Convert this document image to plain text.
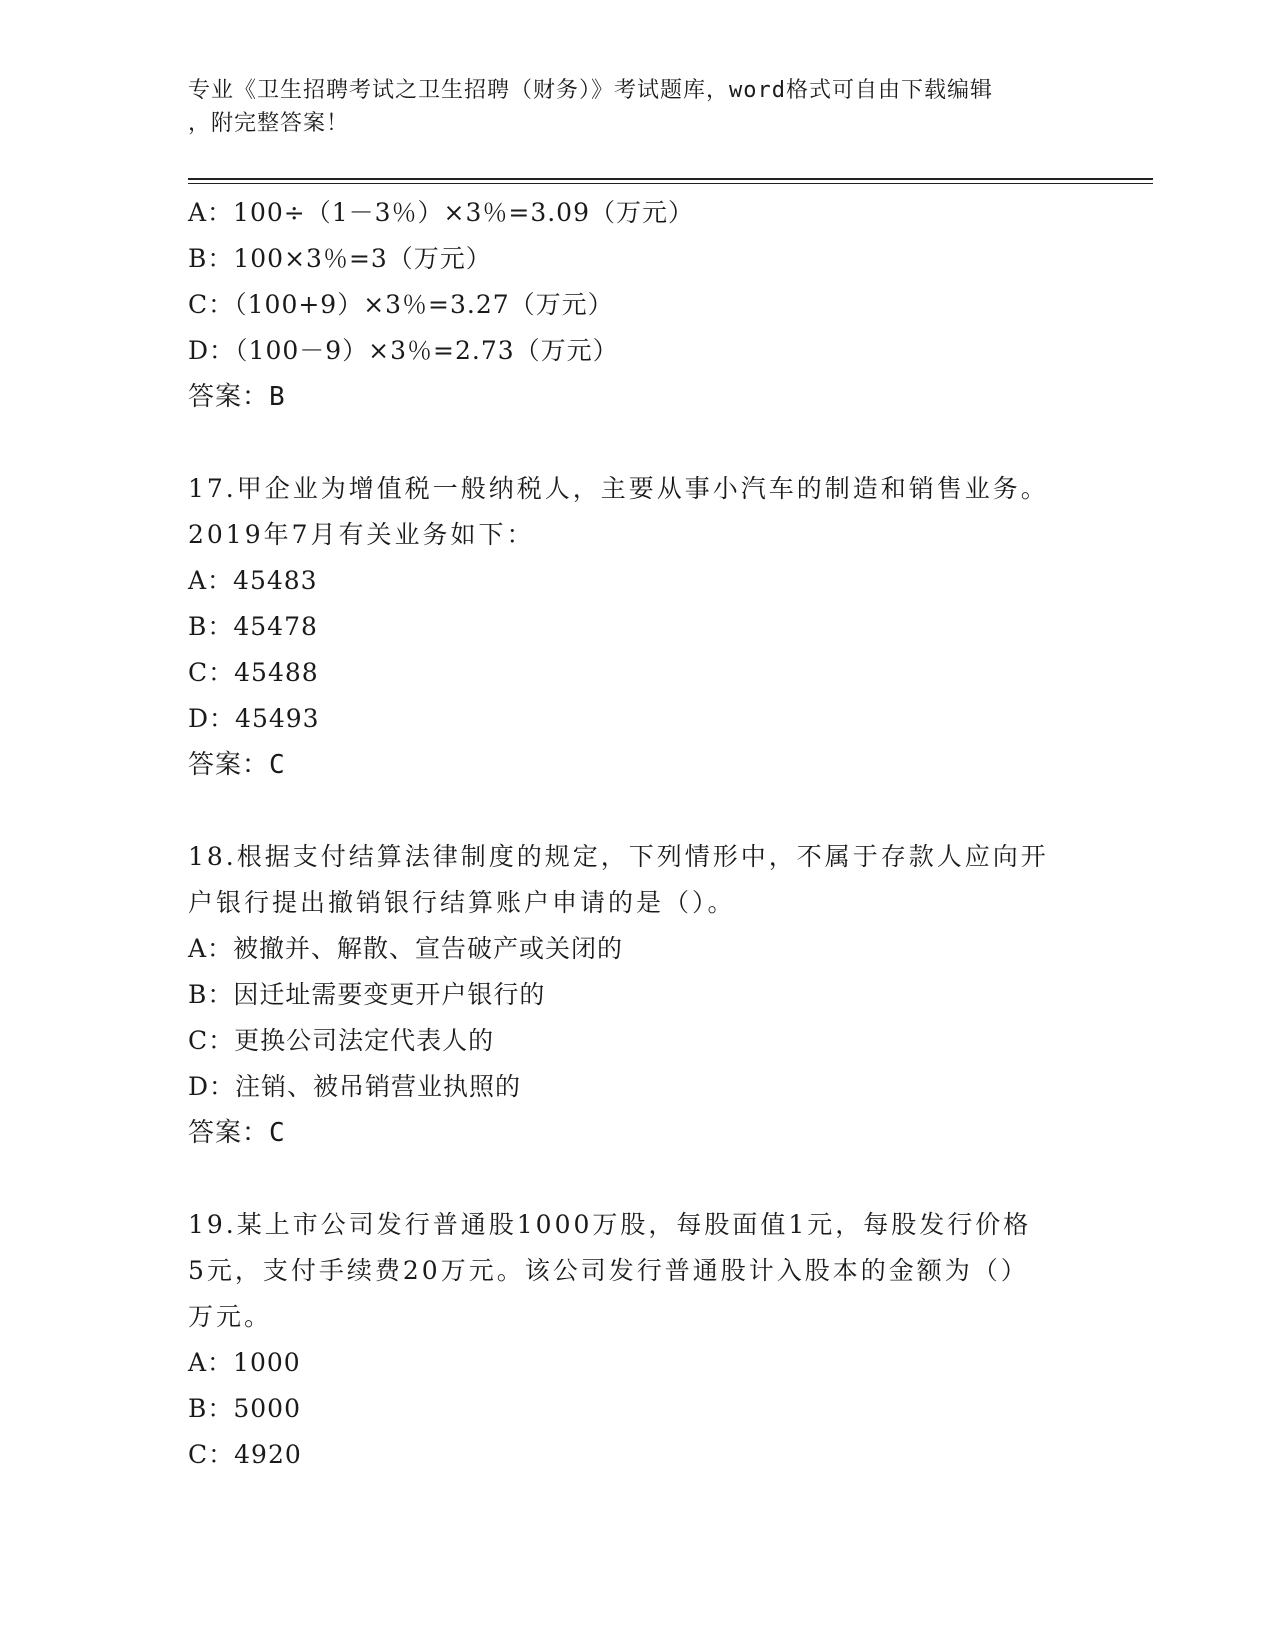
专业《卫生招聘考试之卫生招聘（财务）》考试题库，word格式可自由下载编辑
，附完整答案！
A：100÷（1－3％）×3％=3.09（万元）
B：100×3％=3（万元）
C：（100+9）×3％=3.27（万元）
D：（100－9）×3％=2.73（万元）
答案：B
17.甲企业为增值税一般纳税人，主要从事小汽车的制造和销售业务。
2019年7月有关业务如下：
A：45483
B：45478
C：45488
D：45493
答案：C
18.根据支付结算法律制度的规定，下列情形中，不属于存款人应向开
户银行提出撤销银行结算账户申请的是（）。
A：被撤并、解散、宣告破产或关闭的
B：因迁址需要变更开户银行的
C：更换公司法定代表人的
D：注销、被吊销营业执照的
答案：C
19.某上市公司发行普通股1000万股，每股面值1元，每股发行价格
5元，支付手续费20万元。该公司发行普通股计入股本的金额为（）
万元。
A：1000
B：5000
C：4920
